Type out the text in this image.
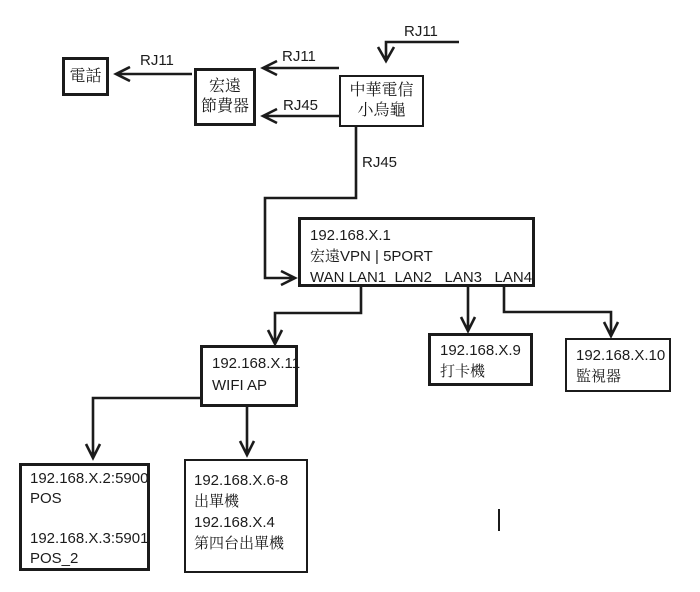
RJ11
RJ11
RJ45
RJ11
RJ45
電話
宏遠
節費器
中華電信
小烏龜
192.168.X.1
宏遠VPN | 5PORT
WAN LAN1  LAN2   LAN3   LAN4
192.168.X.11
WIFI AP
192.168.X.9
打卡機
192.168.X.10
監視器
192.168.X.2:5900
POS
192.168.X.3:5901
POS_2
192.168.X.6-8
出單機
192.168.X.4
第四台出單機
